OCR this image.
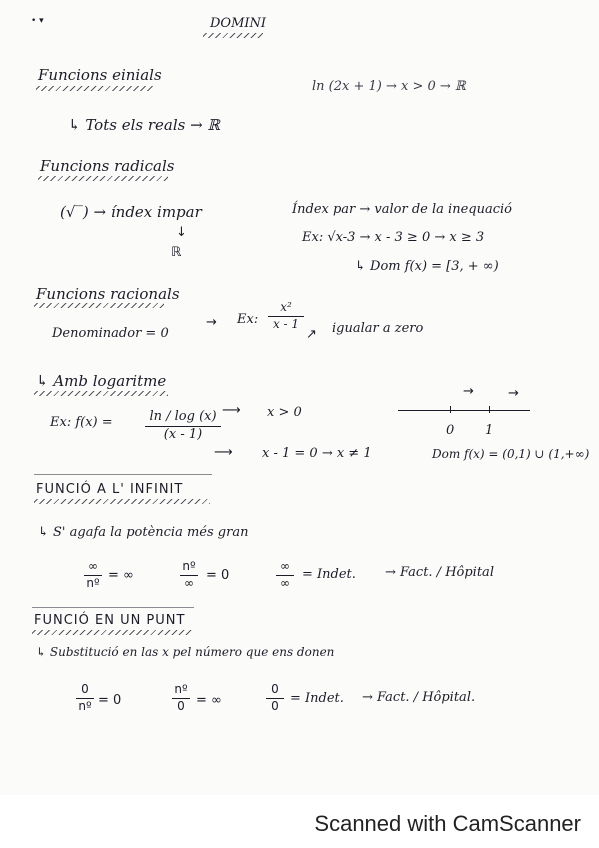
DOMINI
• ▾
Funcions einials
ln (2x + 1) → x > 0 → ℝ
↳ Tots els reals → ℝ
Funcions radicals
(√‾) → índex impar
↓
ℝ
Índex par → valor de la inequació
Ex: √x-3 → x - 3 ≥ 0 → x ≥ 3
↳ Dom f(x) = [3, + ∞)
Funcions racionals
Denominador = 0
→ Ex:
x²
x - 1
↗ igualar a zero
↳ Amb logaritme
Ex: f(x) =	ln / log (x)
(x - 1)
⟶ x > 0
⟶ x - 1 = 0 → x ≠ 1
→	→
0 1
Dom f(x) = (0,1) ∪ (1,+∞)
FUNCIÓ A L' INFINIT
↳ S' agafa la potència més gran
∞
nº = ∞
nº
∞ = 0
∞
∞
= Indet. → Fact. / Hôpital
FUNCIÓ EN UN PUNT
↳ Substitució en las x pel número que ens donen
0
nº = 0
nº
0 = ∞
0
0 = Indet. → Fact. / Hôpital.
Scanned with CamScanner
